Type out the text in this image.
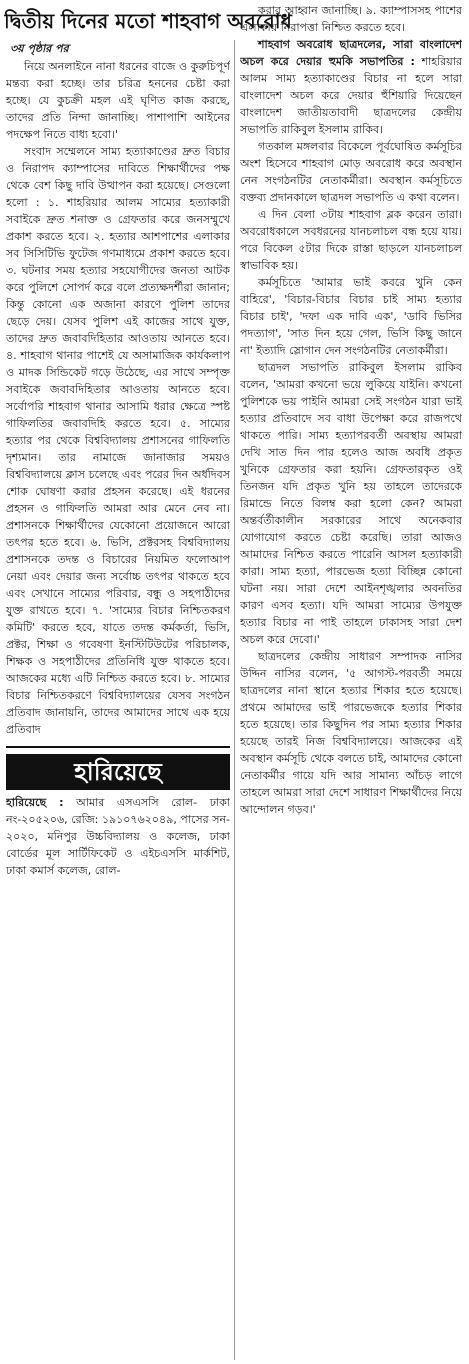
দ্বিতীয় দিনের মতো শাহবাগ অবরোধ
৩য় পৃষ্ঠার পর

নিয়ে অনলাইনে নানা ধরনের বাজে ও কুরুচিপূর্ণ মন্তব্য করা হচ্ছে। তার চরিত্র হননের চেষ্টা করা হচ্ছে। যে কুচক্রী মহল এই ঘৃণিত কাজ করছে, তাদের প্রতি নিন্দা জানাচ্ছি। পাশাপাশি আইনের পদক্ষেপ নিতে বাধ্য হবো।'

সংবাদ সম্মেলনে সাম্য হত্যাকাণ্ডের দ্রুত বিচার ও নিরাপদ ক্যাম্পাসের দাবিতে শিক্ষার্থীদের পক্ষ থেকে বেশ কিছু দাবি উত্থাপন করা হয়েছে। সেগুলো হলো : ১. শাহরিয়ার আলম সাম্যের হত্যাকারী সবাইকে দ্রুত শনাক্ত ও গ্রেফতার করে জনসম্মুখে প্রকাশ করতে হবে। ২. হত্যার আশপাশের এলাকার সব সিসিটিভি ফুটেজ গণমাধ্যমে প্রকাশ করতে হবে। ৩. ঘটনার সময় হত্যার সহযোগীদের জনতা আটক করে পুলিশে সোপর্দ করে বলে প্রত্যক্ষদর্শীরা জানান; কিন্তু কোনো এক অজানা কারণে পুলিশ তাদের ছেড়ে দেয়। যেসব পুলিশ এই কাজের সাথে যুক্ত, তাদের দ্রুত জবাবদিহিতার আওতায় আনতে হবে। ৪. শাহবাগ থানার পাশেই যে অসামাজিক কার্যকলাপ ও মাদক সিন্ডিকেট গড়ে উঠেছে, এর সাথে সম্পৃক্ত সবাইকে জবাবদিহিতার আওতায় আনতে হবে। সর্বোপরি শাহবাগ থানার আসামি ধরার ক্ষেত্রে স্পষ্ট গাফিলতির জবাবদিহি করতে হবে। ৫. সাম্যের হত্যার পর থেকে বিশ্ববিদ্যালয় প্রশাসনের গাফিলতি দৃশ্যমান। তার নামাজে জানাজার সময়ও বিশ্ববিদ্যালয়ে ক্লাস চলেছে এবং পরের দিন অর্ধদিবস শোক ঘোষণা করার প্রহসন করেছে। এই ধরনের প্রহসন ও গাফিলতি আমরা আর মেনে নেব না। প্রশাসনকে শিক্ষার্থীদের যেকোনো প্রয়োজনে আরো তৎপর হতে হবে। ৬. ভিসি, প্রক্টরসহ বিশ্ববিদ্যালয় প্রশাসনকে তদন্ত ও বিচারের নিয়মিত ফলোআপ নেয়া এবং দেয়ার জন্য সর্বোচ্চ তৎপর থাকতে হবে এবং সেখানে সাম্যের পরিবার, বন্ধু ও সহপাঠীদের যুক্ত রাখতে হবে। ৭. 'সাম্যের বিচার নিশ্চিতকরণ কমিটি' করতে হবে, যাতে তদন্ত কর্মকর্তা, ভিসি, প্রক্টর, শিক্ষা ও গবেষণা ইনস্টিটিউটের পরিচালক, শিক্ষক ও সহপাঠীদের প্রতিনিধি যুক্ত থাকতে হবে। আজকের মধ্যে এটি নিশ্চিত করতে হবে। ৮. সাম্যের বিচার নিশ্চিতকরণে বিশ্ববিদ্যালয়ের যেসব সংগঠন প্রতিবাদ জানায়নি, তাদের আমাদের সাথে এক হয়ে প্রতিবাদ

হারিয়েছে

হারিয়েছে : আমার এসএসসি রোল- ঢাকা নং-২০৫২০৬, রেজি: ১৯১০৭৬২০৪৯, পাসের সন- ২০২০, মনিপুর উচ্চবিদ্যালয় ও কলেজ, ঢাকা বোর্ডের মূল সার্টিফিকেট ও এইচএসসি মার্কশিট, ঢাকা কমার্স কলেজ, রোল-

করার আহ্বান জানাচ্ছি। ৯. ক্যাম্পাসসহ পাশের এলাকায় নিরাপত্তা নিশ্চিত করতে হবে।

শাহবাগ অবরোধ ছাত্রদলের, সারা বাংলাদেশ অচল করে দেয়ার হুমকি সভাপতির : শাহরিয়ার আলম সাম্য হত্যাকাণ্ডের বিচার না হলে সারা বাংলাদেশ অচল করে দেয়ার হুঁশিয়ারি দিয়েছেন বাংলাদেশ জাতীয়তাবাদী ছাত্রদলের কেন্দ্রীয় সভাপতি রাকিবুল ইসলাম রাকিব।

গতকাল মঙ্গলবার বিকেলে পূর্বঘোষিত কর্মসূচির অংশ হিসেবে শাহবাগ মোড় অবরোধ করে অবস্থান নেন সংগঠনটির নেতাকর্মীরা। অবস্থান কর্মসূচিতে বক্তব্য প্রদানকালে ছাত্রদল সভাপতি এ কথা বলেন।

এ দিন বেলা ৩টায় শাহবাগ ব্লক করেন তারা। অবরোধকালে সবধরনের যানচলাচল বন্ধ হয়ে যায়। পরে বিকেল ৫টার দিকে রাস্তা ছাড়লে যানচলাচল স্বাভাবিক হয়।

কর্মসূচিতে 'আমার ভাই কবরে খুনি কেন বাহিরে', 'বিচার-বিচার বিচার চাই সাম্য হত্যার বিচার চাই', 'দফা এক দাবি এক', 'ডাবি ভিসির পদত্যাগ', 'সাত দিন হয়ে গেল, ভিসি কিছু জানে না' ইত্যাদি স্লোগান দেন সংগঠনটির নেতাকর্মীরা।

ছাত্রদল সভাপতি রাকিবুল ইসলাম রাকিব বলেন, 'আমরা কখনো ভয়ে লুকিয়ে যাইনি। কখনো পুলিশকে ভয় পাইনি আমরা সেই সংগঠন যারা ভাই হত্যার প্রতিবাদে সব বাধা উপেক্ষা করে রাজপথে থাকতে পারি। সাম্য হত্যাপরবর্তী অবস্থায় আমরা দেখি সাত দিন পার হলেও আজ অবধি প্রকৃত খুনিকে গ্রেফতার করা হয়নি। গ্রেফতারকৃত ওই তিনজন যদি প্রকৃত খুনি হয় তাহলে তাদেরকে রিমান্ডে নিতে বিলম্ব করা হলো কেন? আমরা অন্তর্বর্তীকালীন সরকারের সাথে অনেকবার যোগাযোগ করতে চেষ্টা করেছি। তারা আজও আমাদের নিশ্চিত করতে পারেনি আসল হত্যাকারী কারা। সাম্য হত্যা, পারভেজ হত্যা বিচ্ছিন্ন কোনো ঘটনা নয়। সারা দেশে আইনশৃঙ্খলার অবনতির কারণ এসব হত্যা। যদি আমরা সাম্যের উপযুক্ত হত্যার বিচার না পাই তাহলে ঢাকাসহ সারা দেশ অচল করে দেবো।'

ছাত্রদলের কেন্দ্রীয় সাধারণ সম্পাদক নাসির উদ্দিন নাসির বলেন, '৫ আগস্ট-পরবর্তী সময়ে ছাত্রদলের নানা স্থানে হত্যার শিকার হতে হয়েছে। প্রথমে আমাদের ভাই পারভেজকে হত্যার শিকার হতে হয়েছে। তার কিছুদিন পর সাম্য হত্যার শিকার হয়েছে তারই নিজ বিশ্ববিদ্যালয়ে। আজকের এই অবস্থান কর্মসূচি থেকে বলতে চাই, আমাদের কোনো নেতাকর্মীর গায়ে যদি আর সামান্য আঁচড় লাগে তাহলে আমরা সারা দেশে সাধারণ শিক্ষার্থীদের নিয়ে আন্দোলন গড়ব।'
